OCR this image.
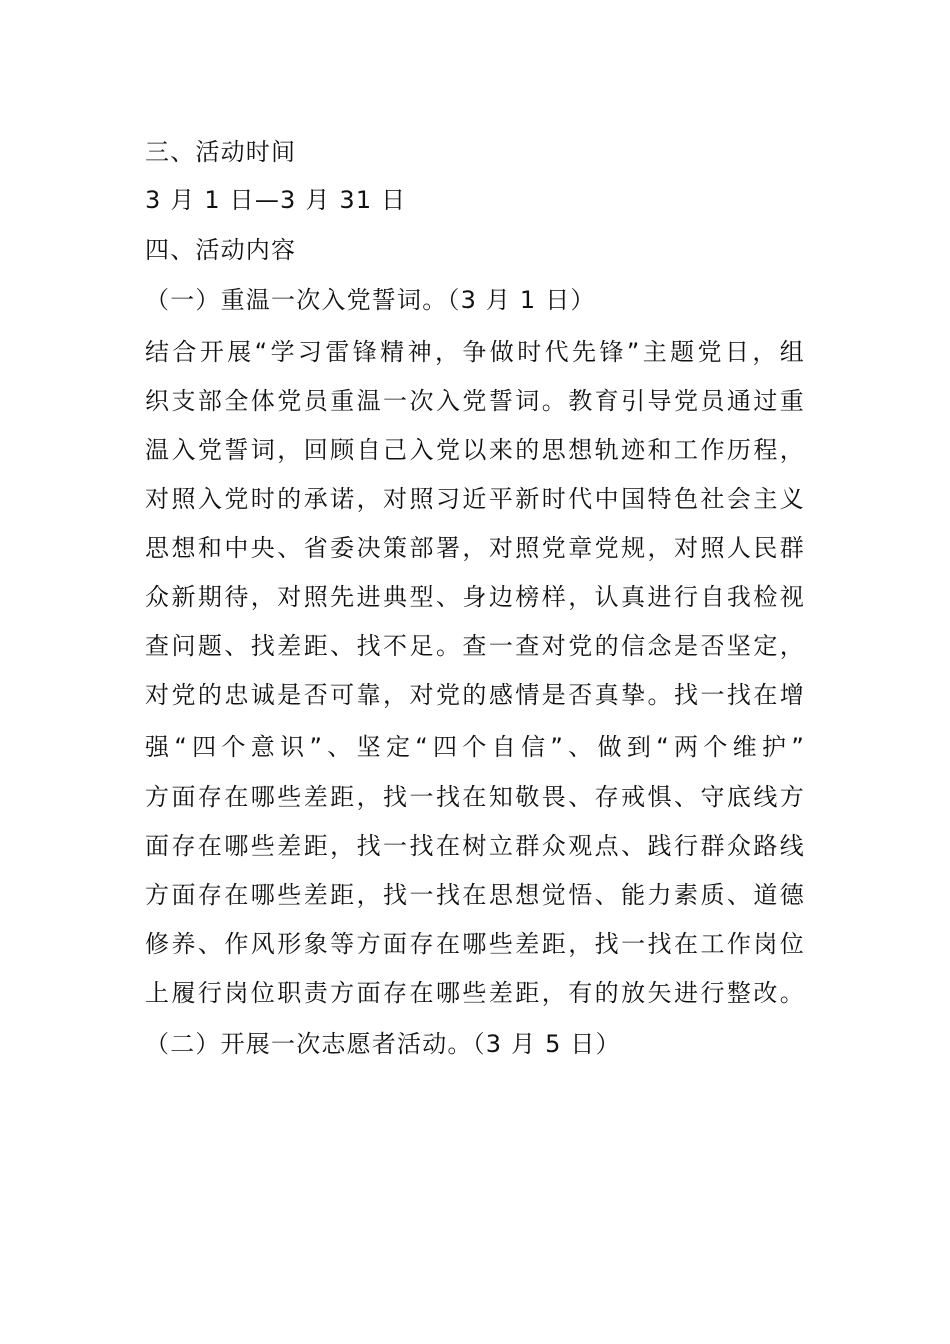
三、活动时间
3 月 1 日—3 月 31 日
四、活动内容
（一）重温一次入党誓词。（3 月 1 日）
结合开展“学习雷锋精神，争做时代先锋”主题党日，组
织支部全体党员重温一次入党誓词。教育引导党员通过重
温入党誓词，回顾自己入党以来的思想轨迹和工作历程，
对照入党时的承诺，对照习近平新时代中国特色社会主义
思想和中央、省委决策部署，对照党章党规，对照人民群
众新期待，对照先进典型、身边榜样，认真进行自我检视
查问题、找差距、找不足。查一查对党的信念是否坚定，
对党的忠诚是否可靠，对党的感情是否真挚。找一找在增
强“四个意识”、坚定“四个自信”、做到“两个维护”
方面存在哪些差距，找一找在知敬畏、存戒惧、守底线方
面存在哪些差距，找一找在树立群众观点、践行群众路线
方面存在哪些差距，找一找在思想觉悟、能力素质、道德
修养、作风形象等方面存在哪些差距，找一找在工作岗位
上履行岗位职责方面存在哪些差距，有的放矢进行整改。
（二）开展一次志愿者活动。（3 月 5 日）
